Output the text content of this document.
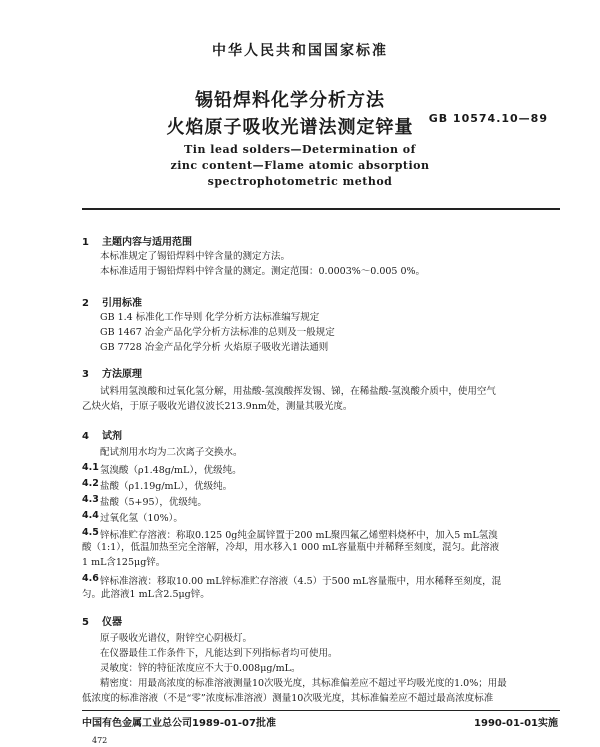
中华人民共和国国家标准
锡铅焊料化学分析方法
火焰原子吸收光谱法测定锌量	GB 10574.10—89
Tin lead solders—Determination of
zinc content—Flame atomic absorption
spectrophotometric method
1 主题内容与适用范围
本标准规定了锡铅焊料中锌含量的测定方法。
本标准适用于锡铅焊料中锌含量的测定。测定范围：0.0003%～0.005 0%。
2 引用标准
GB 1.4 标准化工作导则 化学分析方法标准编写规定
GB 1467 冶金产品化学分析方法标准的总则及一般规定
GB 7728 冶金产品化学分析 火焰原子吸收光谱法通则
3 方法原理
试料用氢溴酸和过氧化氢分解，用盐酸-氢溴酸挥发锡、锑，在稀盐酸-氢溴酸介质中，使用空气
乙炔火焰，于原子吸收光谱仪波长213.9nm处，测量其吸光度。
4 试剂
配试剂用水均为二次离子交换水。
4.1 氢溴酸（ρ1.48g/mL），优级纯。
4.2 盐酸（ρ1.19g/mL），优级纯。
4.3 盐酸（5+95），优级纯。
4.4 过氧化氢（10%）。
4.5 锌标准贮存溶液：称取0.125 0g纯金属锌置于200 mL聚四氟乙烯塑料烧杯中，加入5 mL氢溴
酸（1:1），低温加热至完全溶解，冷却，用水移入1 000 mL容量瓶中并稀释至刻度，混匀。此溶液
1 mL含125μg锌。
4.6 锌标准溶液：移取10.00 mL锌标准贮存溶液（4.5）于500 mL容量瓶中，用水稀释至刻度，混
匀。此溶液1 mL含2.5μg锌。
5 仪器
原子吸收光谱仪，附锌空心阴极灯。
在仪器最佳工作条件下，凡能达到下列指标者均可使用。
灵敏度：锌的特征浓度应不大于0.008μg/mL。
精密度：用最高浓度的标准溶液测量10次吸光度，其标准偏差应不超过平均吸光度的1.0%；用最
低浓度的标准溶液（不是“零”浓度标准溶液）测量10次吸光度，其标准偏差应不超过最高浓度标准
中国有色金属工业总公司1989-01-07批准	1990-01-01实施
472
